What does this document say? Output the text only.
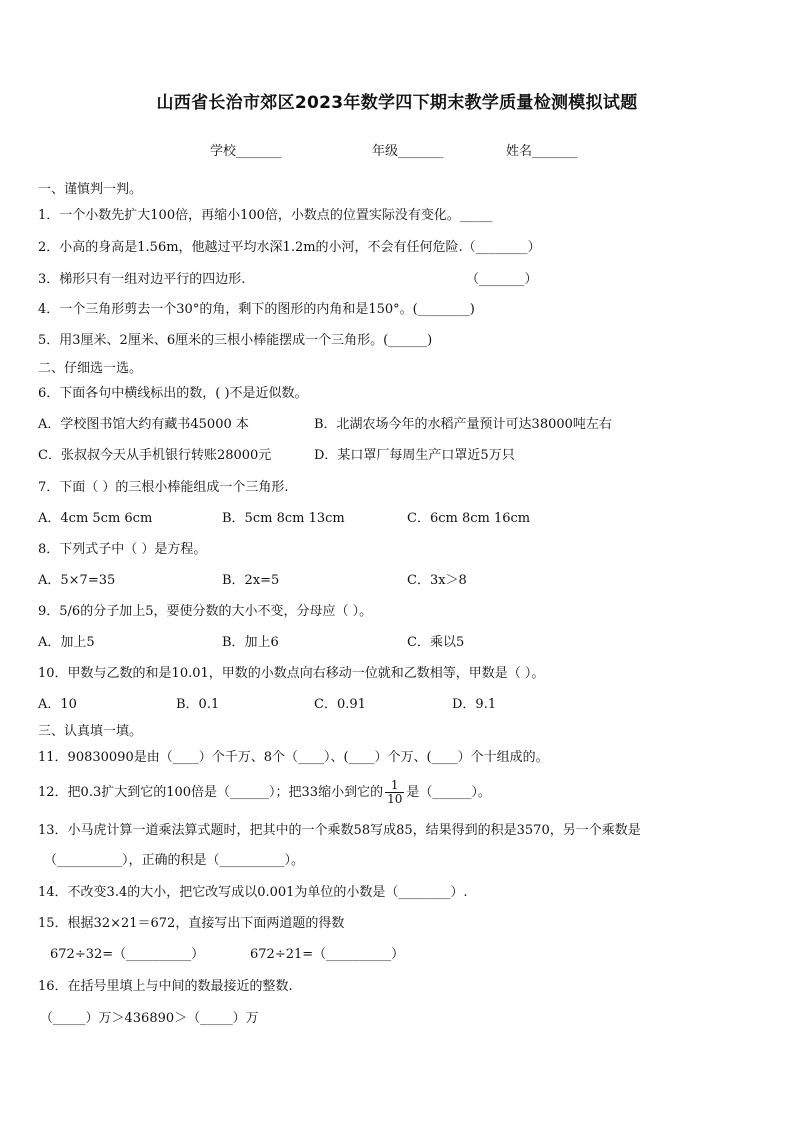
山西省长治市郊区2023年数学四下期末教学质量检测模拟试题
学校_______	年级_______	姓名_______
一、谨慎判一判。
1．一个小数先扩大100倍，再缩小100倍，小数点的位置实际没有变化。_____
2．小高的身高是1.56m，他越过平均水深1.2m的小河，不会有任何危险.（________）
3．梯形只有一组对边平行的四边形.	（_______）
4．一个三角形剪去一个30°的角，剩下的图形的内角和是150°。(________)
5．用3厘米、2厘米、6厘米的三根小棒能摆成一个三角形。(______)
二、仔细选一选。
6．下面各句中横线标出的数，( )不是近似数。
A．学校图书馆大约有藏书45000 本	B．北湖农场今年的水稻产量预计可达38000吨左右
C．张叔叔今天从手机银行转账28000元	D．某口罩厂每周生产口罩近5万只
7．下面（ ）的三根小棒能组成一个三角形.
A．4cm 5cm 6cm	B．5cm 8cm 13cm	C．6cm 8cm 16cm
8．下列式子中（ ）是方程。
A．5×7=35	B．2x=5	C．3x＞8
9．5/6的分子加上5，要使分数的大小不变，分母应（ ）。
A．加上5	B．加上6	C．乘以5
10．甲数与乙数的和是10.01，甲数的小数点向右移动一位就和乙数相等，甲数是（ ）。
A．10	B．0.1	C．0.91	D．9.1
三、认真填一填。
11．90830090是由（____）个千万、8个（____）、(____）个万、(____）个十组成的。
12．把0.3扩大到它的100倍是（______）；把33缩小到它的 $\frac{1}{10}$ 是（______）。
13．小马虎计算一道乘法算式题时，把其中的一个乘数58写成85，结果得到的积是3570，另一个乘数是
（__________），正确的积是（__________）。
14．不改变3.4的大小，把它改写成以0.001为单位的小数是（________）.
15．根据32×21＝672，直接写出下面两道题的得数
672÷32=（__________）	672÷21=（__________）
16．在括号里填上与中间的数最接近的整数.
（_____）万＞436890＞（_____）万
